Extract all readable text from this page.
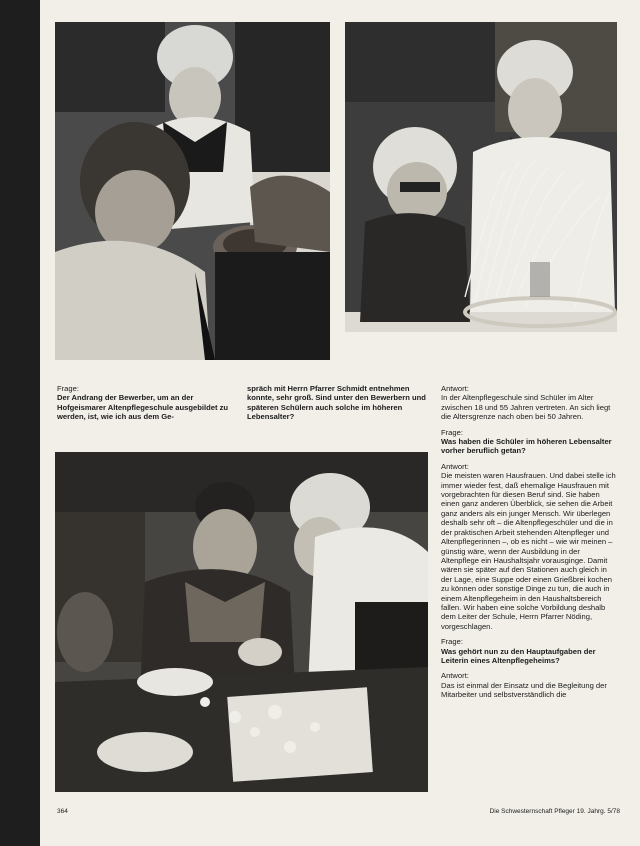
Frage:
Der Andrang der Bewerber, um an der Hofgeismarer Altenpflegeschule ausgebildet zu werden, ist, wie ich aus dem Ge-
spräch mit Herrn Pfarrer Schmidt entnehmen konnte, sehr groß. Sind unter den Bewerbern und späteren Schülern auch solche im höheren Lebensalter?

Antwort:
In der Altenpflegeschule sind Schüler im Alter zwischen 18 und 55 Jahren vertreten. An sich liegt die Altersgrenze nach oben bei 50 Jahren.

Frage:
Was haben die Schüler im höheren Lebensalter vorher beruflich getan?

Antwort:
Die meisten waren Hausfrauen. Und dabei stelle ich immer wieder fest, daß ehemalige Hausfrauen mit vorgebrachten für diesen Beruf sind. Sie haben einen ganz anderen Überblick, sie sehen die Arbeit ganz anders als ein junger Mensch. Wir überlegen deshalb sehr oft – die Altenpflegeschüler und die in der praktischen Arbeit stehenden Altenpfleger und Altenpflegerinnen –, ob es nicht – wie wir meinen – günstig wäre, wenn der Ausbildung in der Altenpflege ein Haushaltsjahr vorausginge. Damit wären sie später auf den Stationen auch gleich in der Lage, eine Suppe oder einen Grießbrei kochen zu können oder sonstige Dinge zu tun, die auch in einem Altenpflegeheim in den Haushaltsbereich fallen. Wir haben eine solche Vorbildung deshalb dem Leiter der Schule, Herrn Pfarrer Nöding, vorgeschlagen.

Frage:
Was gehört nun zu den Hauptaufgaben der Leiterin eines Altenpflegeheims?

Antwort:
Das ist einmal der Einsatz und die Begleitung der Mitarbeiter und selbstverständlich die

364	Die Schwesternschaft Pfleger 19. Jahrg. 5/78
